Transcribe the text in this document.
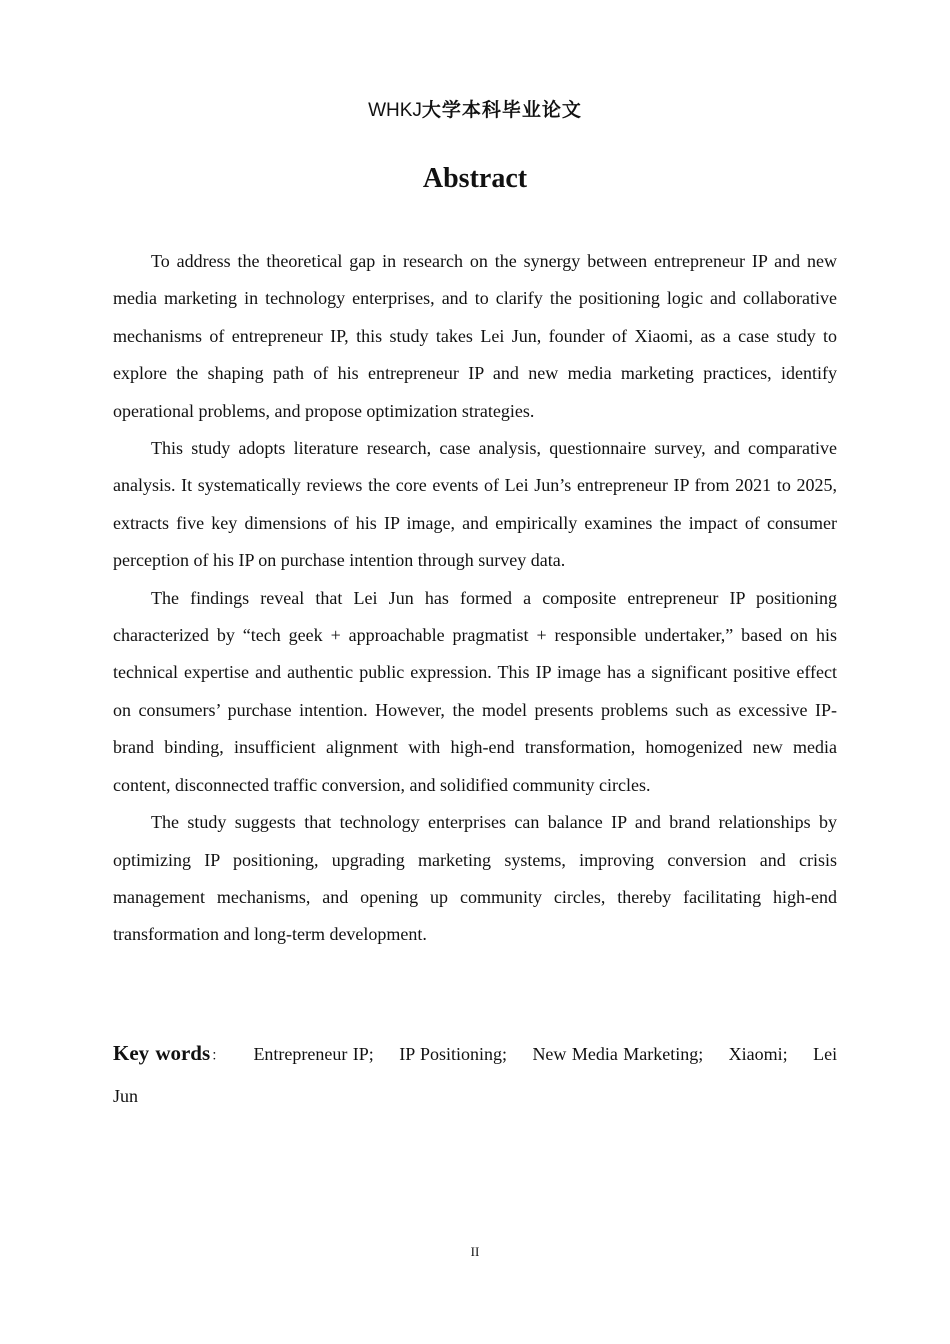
WHKJ大学本科毕业论文
Abstract

To address the theoretical gap in research on the synergy between entrepreneur IP and new media marketing in technology enterprises, and to clarify the positioning logic and collaborative mechanisms of entrepreneur IP, this study takes Lei Jun, founder of Xiaomi, as a case study to explore the shaping path of his entrepreneur IP and new media marketing practices, identify operational problems, and propose optimization strategies.

This study adopts literature research, case analysis, questionnaire survey, and comparative analysis. It systematically reviews the core events of Lei Jun’s entrepreneur IP from 2021 to 2025, extracts five key dimensions of his IP image, and empirically examines the impact of consumer perception of his IP on purchase intention through survey data.

The findings reveal that Lei Jun has formed a composite entrepreneur IP positioning characterized by “tech geek + approachable pragmatist + responsible undertaker,” based on his technical expertise and authentic public expression. This IP image has a significant positive effect on consumers’ purchase intention. However, the model presents problems such as excessive IP-brand binding, insufficient alignment with high-end transformation, homogenized new media content, disconnected traffic conversion, and solidified community circles.

The study suggests that technology enterprises can balance IP and brand relationships by optimizing IP positioning, upgrading marketing systems, improving conversion and crisis management mechanisms, and opening up community circles, thereby facilitating high-end transformation and long-term development.

Key words： Entrepreneur IP; IP Positioning; New Media Marketing; Xiaomi; Lei Jun
II
